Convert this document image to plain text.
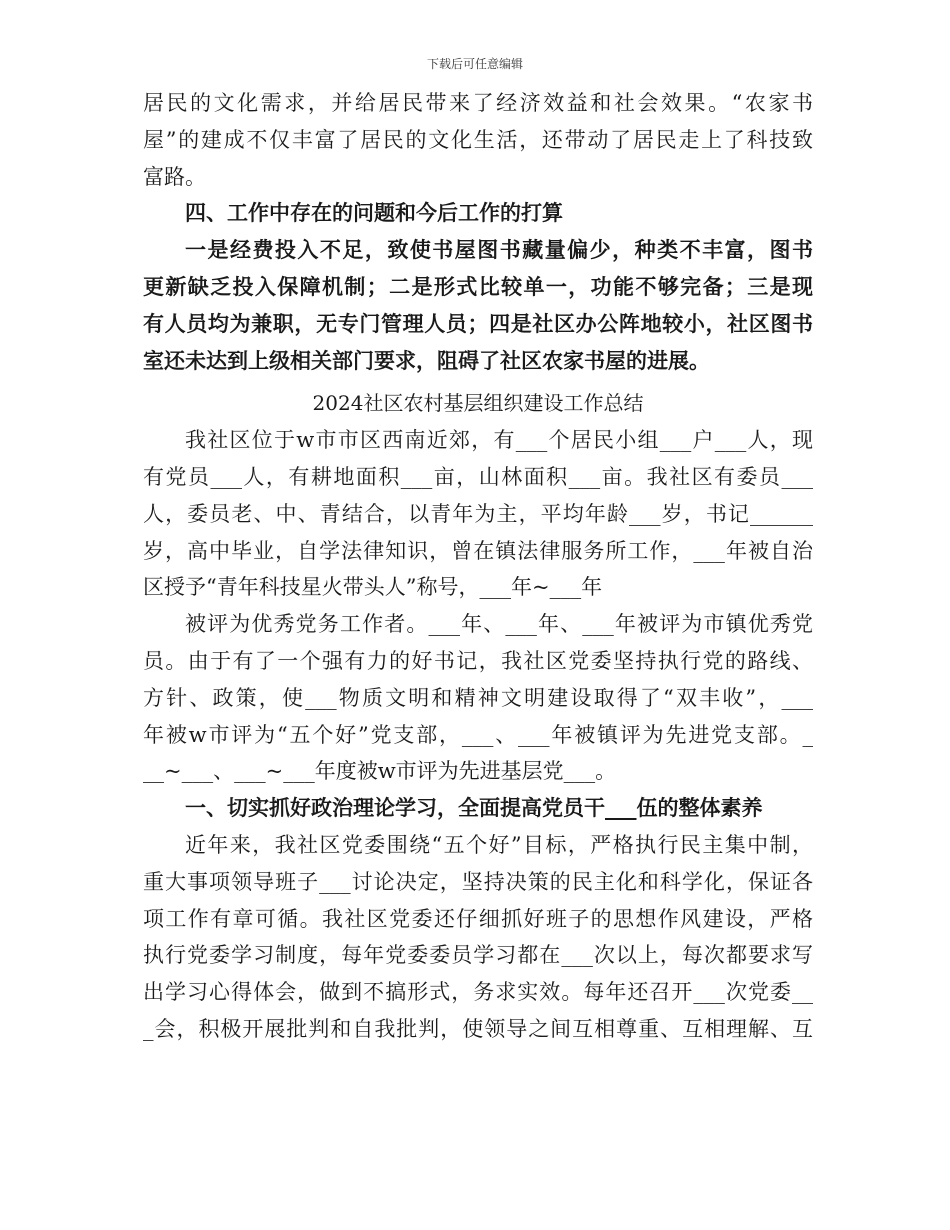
下载后可任意编辑
居民的文化需求，并给居民带来了经济效益和社会效果。“农家书
屋”的建成不仅丰富了居民的文化生活，还带动了居民走上了科技致
富路。
四、工作中存在的问题和今后工作的打算
一是经费投入不足，致使书屋图书藏量偏少，种类不丰富，图书
更新缺乏投入保障机制；二是形式比较单一，功能不够完备；三是现
有人员均为兼职，无专门管理人员；四是社区办公阵地较小，社区图书
室还未达到上级相关部门要求，阻碍了社区农家书屋的进展。
2024社区农村基层组织建设工作总结
我社区位于w市市区西南近郊，有___个居民小组___户___人，现
有党员___人，有耕地面积___亩，山林面积___亩。我社区有委员___
人，委员老、中、青结合，以青年为主，平均年龄___岁，书记______
岁，高中毕业，自学法律知识，曾在镇法律服务所工作，___年被自治
区授予“青年科技星火带头人”称号，___年~___年
被评为优秀党务工作者。___年、___年、___年被评为市镇优秀党
员。由于有了一个强有力的好书记，我社区党委坚持执行党的路线、
方针、政策，使___物质文明和精神文明建设取得了“双丰收”，___
年被w市评为“五个好”党支部，___、___年被镇评为先进党支部。_
__~___、___~___年度被w市评为先进基层党___。
一、切实抓好政治理论学习，全面提高党员干___伍的整体素养
近年来，我社区党委围绕“五个好”目标，严格执行民主集中制，
重大事项领导班子___讨论决定，坚持决策的民主化和科学化，保证各
项工作有章可循。我社区党委还仔细抓好班子的思想作风建设，严格
执行党委学习制度，每年党委委员学习都在___次以上，每次都要求写
出学习心得体会，做到不搞形式，务求实效。每年还召开___次党委__
_会，积极开展批判和自我批判，使领导之间互相尊重、互相理解、互
